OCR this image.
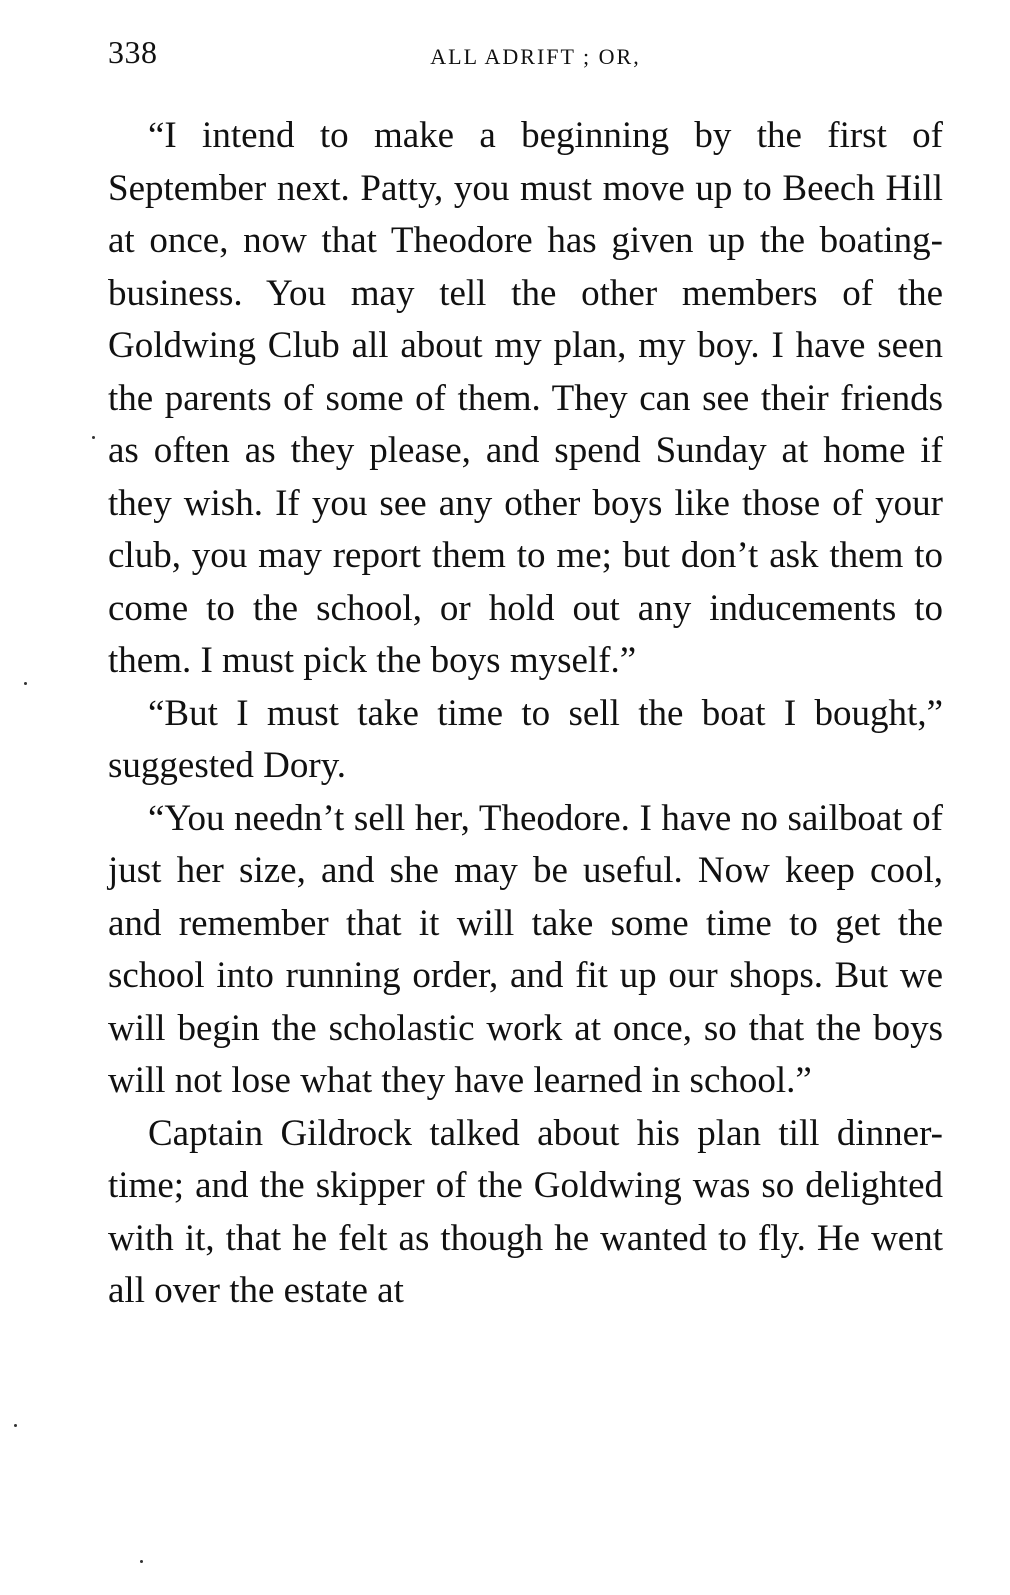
338	ALL ADRIFT ; OR,

“I intend to make a beginning by the first of September next. Patty, you must move up to Beech Hill at once, now that Theodore has given up the boating-business. You may tell the other members of the Goldwing Club all about my plan, my boy. I have seen the parents of some of them. They can see their friends as often as they please, and spend Sunday at home if they wish. If you see any other boys like those of your club, you may report them to me; but don’t ask them to come to the school, or hold out any inducements to them. I must pick the boys myself.”

“But I must take time to sell the boat I bought,” suggested Dory.

“You needn’t sell her, Theodore. I have no sailboat of just her size, and she may be useful. Now keep cool, and remember that it will take some time to get the school into running order, and fit up our shops. But we will begin the scholastic work at once, so that the boys will not lose what they have learned in school.”

Captain Gildrock talked about his plan till dinner-time; and the skipper of the Goldwing was so delighted with it, that he felt as though he wanted to fly. He went all over the estate at
